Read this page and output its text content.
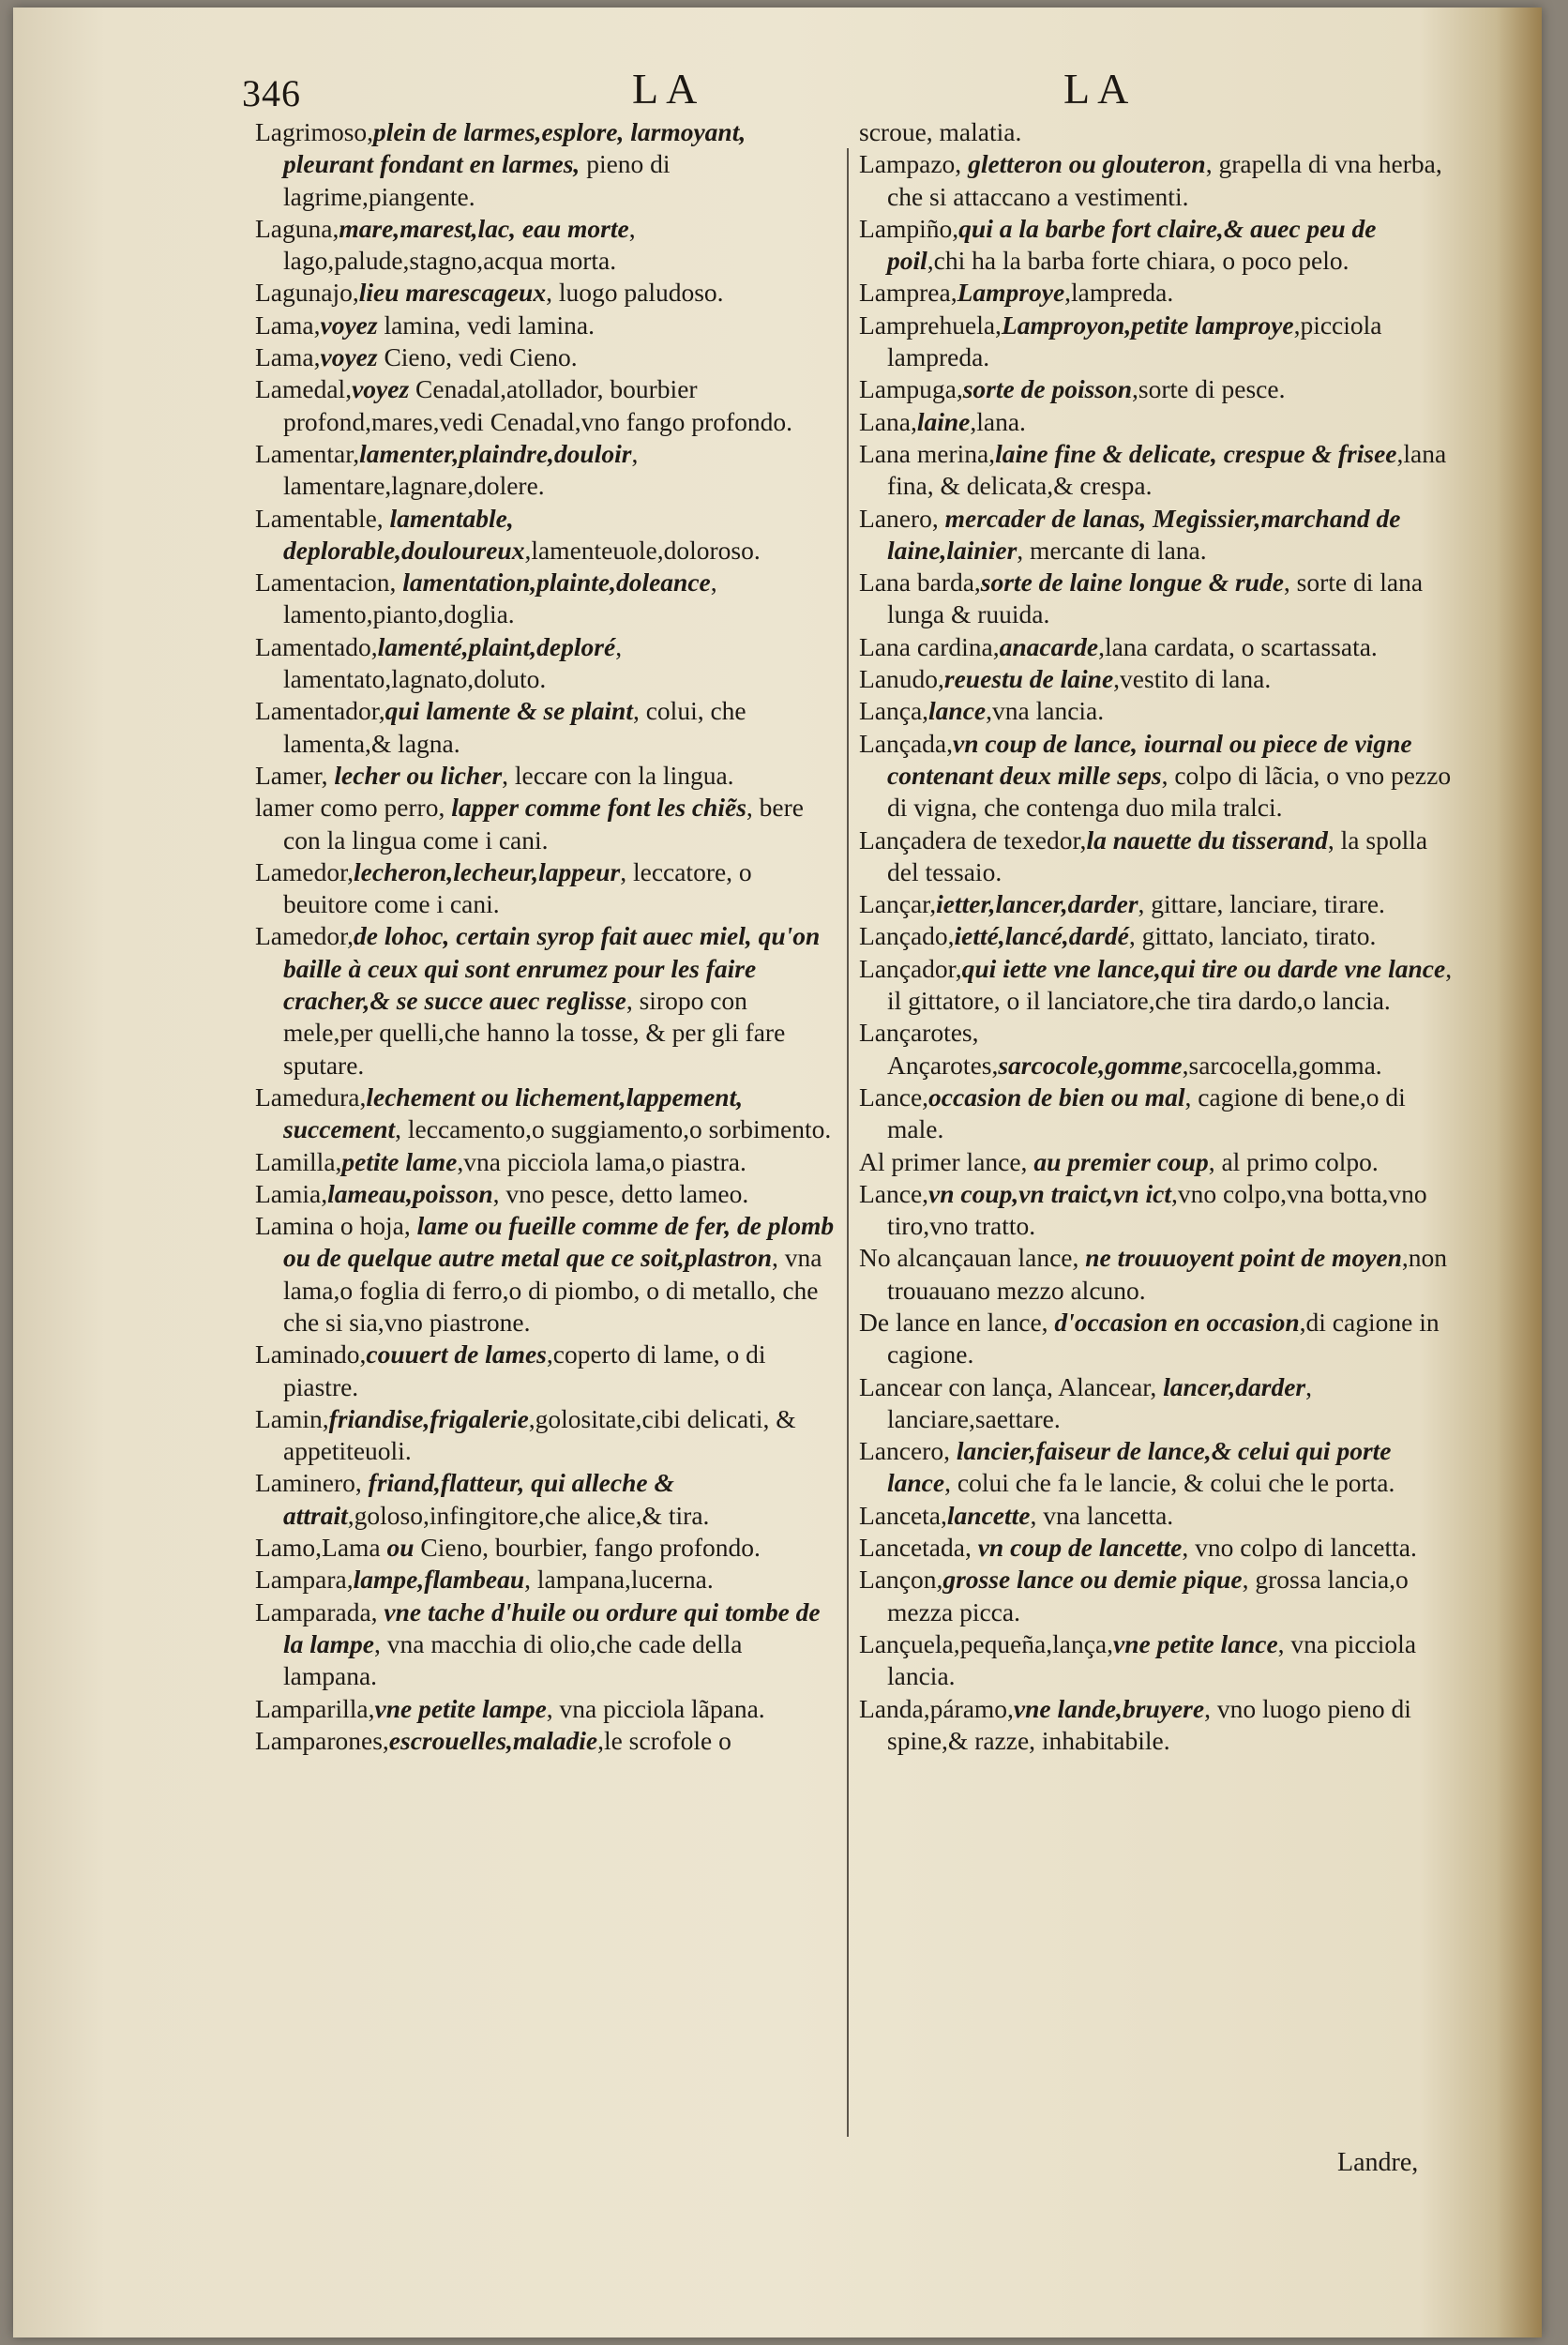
346	LA	LA

Lagrimoso,plein de larmes,esplore, larmoyant, pleurant fondant en larmes, pieno di lagrime,piangente.

Laguna,mare,marest,lac, eau morte, lago,palude,stagno,acqua morta.

Lagunajo,lieu marescageux, luogo paludoso.

Lama,voyez lamina, vedi lamina.

Lama,voyez Cieno, vedi Cieno.

Lamedal,voyez Cenadal,atollador, bourbier profond,mares,vedi Cenadal,vno fango profondo.

Lamentar,lamenter,plaindre,douloir, lamentare,lagnare,dolere.

Lamentable, lamentable, deplorable,douloureux,lamenteuole,doloroso.

Lamentacion, lamentation,plainte,doleance, lamento,pianto,doglia.

Lamentado,lamenté,plaint,deploré, lamentato,lagnato,doluto.

Lamentador,qui lamente & se plaint, colui, che lamenta,& lagna.

Lamer, lecher ou licher, leccare con la lingua.

lamer como perro, lapper comme font les chiẽs, bere con la lingua come i cani.

Lamedor,lecheron,lecheur,lappeur, leccatore, o beuitore come i cani.

Lamedor,de lohoc, certain syrop fait auec miel, qu'on baille à ceux qui sont enrumez pour les faire cracher,& se succe auec reglisse, siropo con mele,per quelli,che hanno la tosse, & per gli fare sputare.

Lamedura,lechement ou lichement,lappement, succement, leccamento,o suggiamento,o sorbimento.

Lamilla,petite lame,vna picciola lama,o piastra.

Lamia,lameau,poisson, vno pesce, detto lameo.

Lamina o hoja, lame ou fueille comme de fer, de plomb ou de quelque autre metal que ce soit,plastron, vna lama,o foglia di ferro,o di piombo, o di metallo, che che si sia,vno piastrone.

Laminado,couuert de lames,coperto di lame, o di piastre.

Lamin,friandise,frigalerie,golositate,cibi delicati, & appetiteuoli.

Laminero, friand,flatteur, qui alleche & attrait,goloso,infingitore,che alice,& tira.

Lamo,Lama ou Cieno, bourbier, fango profondo.

Lampara,lampe,flambeau, lampana,lucerna.

Lamparada, vne tache d'huile ou ordure qui tombe de la lampe, vna macchia di olio,che cade della lampana.

Lamparilla,vne petite lampe, vna picciola lãpana.

Lamparones,escrouelles,maladie,le scrofole o

scroue, malatia.

Lampazo, gletteron ou glouteron, grapella di vna herba, che si attaccano a vestimenti.

Lampiño,qui a la barbe fort claire,& auec peu de poil,chi ha la barba forte chiara, o poco pelo.

Lamprea,Lamproye,lampreda.

Lamprehuela,Lamproyon,petite lamproye,picciola lampreda.

Lampuga,sorte de poisson,sorte di pesce.

Lana,laine,lana.

Lana merina,laine fine & delicate, crespue & frisee,lana fina, & delicata,& crespa.

Lanero, mercader de lanas, Megissier,marchand de laine,lainier, mercante di lana.

Lana barda,sorte de laine longue & rude, sorte di lana lunga & ruuida.

Lana cardina,anacarde,lana cardata, o scartassata.

Lanudo,reuestu de laine,vestito di lana.

Lança,lance,vna lancia.

Lançada,vn coup de lance, iournal ou piece de vigne contenant deux mille seps, colpo di lãcia, o vno pezzo di vigna, che contenga duo mila tralci.

Lançadera de texedor,la nauette du tisserand, la spolla del tessaio.

Lançar,ietter,lancer,darder, gittare, lanciare, tirare.

Lançado,ietté,lancé,dardé, gittato, lanciato, tirato.

Lançador,qui iette vne lance,qui tire ou darde vne lance, il gittatore, o il lanciatore,che tira dardo,o lancia.

Lançarotes, Ançarotes,sarcocole,gomme,sarcocella,gomma.

Lance,occasion de bien ou mal, cagione di bene,o di male.

Al primer lance, au premier coup, al primo colpo.

Lance,vn coup,vn traict,vn ict,vno colpo,vna botta,vno tiro,vno tratto.

No alcançauan lance, ne trouuoyent point de moyen,non trouauano mezzo alcuno.

De lance en lance, d'occasion en occasion,di cagione in cagione.

Lancear con lança, Alancear, lancer,darder, lanciare,saettare.

Lancero, lancier,faiseur de lance,& celui qui porte lance, colui che fa le lancie, & colui che le porta.

Lanceta,lancette, vna lancetta.

Lancetada, vn coup de lancette, vno colpo di lancetta.

Lançon,grosse lance ou demie pique, grossa lancia,o mezza picca.

Lançuela,pequeña,lança,vne petite lance, vna picciola lancia.

Landa,páramo,vne lande,bruyere, vno luogo pieno di spine,& razze, inhabitabile.

Landre,
